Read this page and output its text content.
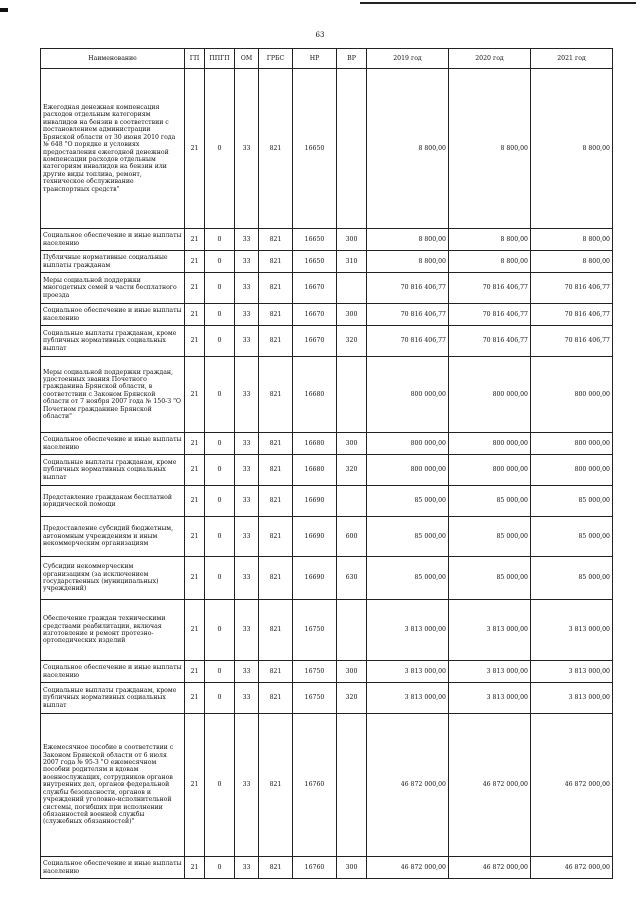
63
Наименование	ГП	ППГП	ОМ	ГРБС	НР	ВР	2019 год	2020 год	2021 год
Ежегодная денежная компенсация расходов отдельным категориям инвалидов на бензин в соответствии с постановлением администрации Брянской области от 30 июня 2010 года № 648 "О порядке и условиях предоставления ежегодной денежной компенсации расходов отдельным категориям инвалидов на бензин или другие виды топлива, ремонт, техническое обслуживание транспортных средств"	21	0	33	821	16650		8 800,00	8 800,00	8 800,00
Социальное обеспечение и иные выплаты населению	21	0	33	821	16650	300	8 800,00	8 800,00	8 800,00
Публичные нормативные социальные выплаты гражданам	21	0	33	821	16650	310	8 800,00	8 800,00	8 800,00
Меры социальной поддержки многодетных семей в части бесплатного проезда	21	0	33	821	16670		70 816 406,77	70 816 406,77	70 816 406,77
Социальное обеспечение и иные выплаты населению	21	0	33	821	16670	300	70 816 406,77	70 816 406,77	70 816 406,77
Социальные выплаты гражданам, кроме публичных нормативных социальных выплат	21	0	33	821	16670	320	70 816 406,77	70 816 406,77	70 816 406,77
Меры социальной поддержки граждан, удостоенных звания Почетного гражданина Брянской области, в соответствии с Законом Брянской области от 7 ноября 2007 года № 150-З "О Почетном гражданине Брянской области"	21	0	33	821	16680		800 000,00	800 000,00	800 000,00
Социальное обеспечение и иные выплаты населению	21	0	33	821	16680	300	800 000,00	800 000,00	800 000,00
Социальные выплаты гражданам, кроме публичных нормативных социальных выплат	21	0	33	821	16680	320	800 000,00	800 000,00	800 000,00
Представление гражданам бесплатной юридической помощи	21	0	33	821	16690		85 000,00	85 000,00	85 000,00
Предоставление субсидий бюджетным, автономным учреждениям и иным некоммерческим организациям	21	0	33	821	16690	600	85 000,00	85 000,00	85 000,00
Субсидии некоммерческим организациям (за исключением государственных (муниципальных) учреждений)	21	0	33	821	16690	630	85 000,00	85 000,00	85 000,00
Обеспечение граждан техническими средствами реабилитации, включая изготовление и ремонт протезно-ортопедических изделий	21	0	33	821	16750		3 813 000,00	3 813 000,00	3 813 000,00
Социальное обеспечение и иные выплаты населению	21	0	33	821	16750	300	3 813 000,00	3 813 000,00	3 813 000,00
Социальные выплаты гражданам, кроме публичных нормативных социальных выплат	21	0	33	821	16750	320	3 813 000,00	3 813 000,00	3 813 000,00
Ежемесячное пособие в соответствии с Законом Брянской области от 6 июля 2007 года № 95-З "О ежемесячном пособии родителям и вдовам военнослужащих, сотрудников органов внутренних дел, органов федеральной службы безопасности, органов и учреждений уголовно-исполнительной системы, погибших при исполнении обязанностей военной службы (служебных обязанностей)"	21	0	33	821	16760		46 872 000,00	46 872 000,00	46 872 000,00
Социальное обеспечение и иные выплаты населению	21	0	33	821	16760	300	46 872 000,00	46 872 000,00	46 872 000,00
